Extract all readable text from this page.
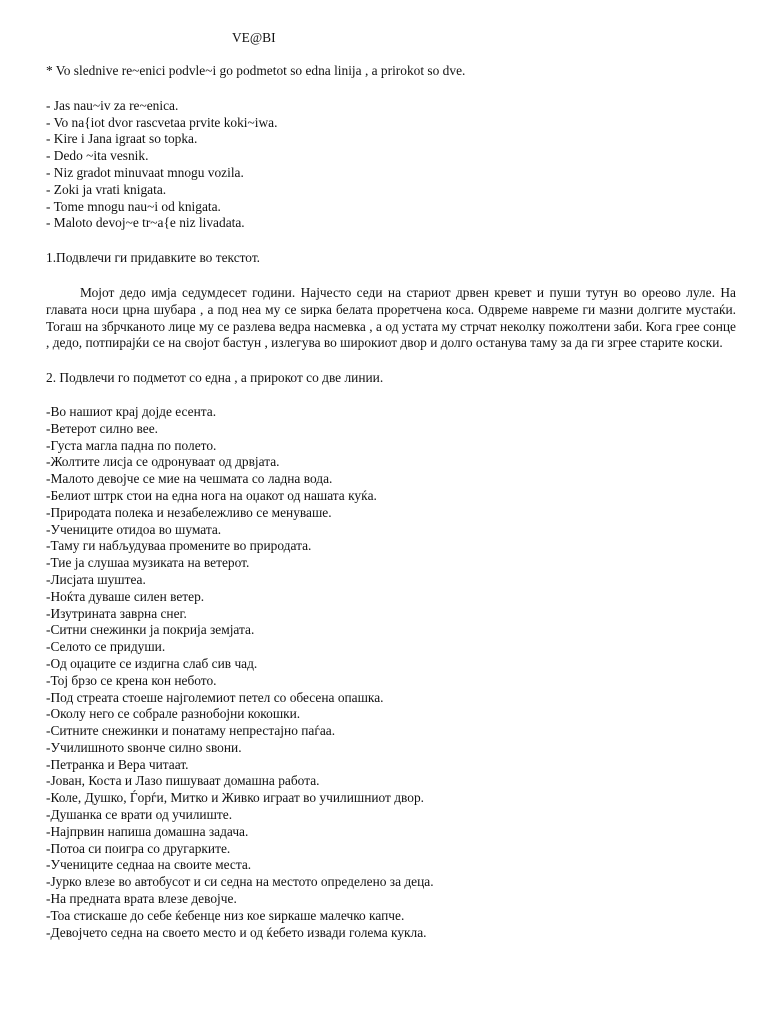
VE@BI

* Vo slednive re~enici podvle~i go podmetot so edna linija , a prirokot so dve.

- Jas nau~iv za re~enica.
- Vo na{iot dvor rascvetaa prvite koki~iwa.
- Kire i Jana igraat so topka.
- Dedo ~ita vesnik.
- Niz gradot minuvaat mnogu vozila.
- Zoki ja vrati knigata.
- Tome mnogu nau~i od knigata.
- Maloto devoj~e tr~a{e niz livadata.

1.Подвлечи ги придавките во текстот.

Мојот дедо имја седумдесет години. Најчесто седи на стариот дрвен кревет и пуши тутун во ореово луле. На главата носи црна шубара , а под неа му се ѕирка белата проретчена коса. Одвреме навреме ги мазни долгите мустаќи. Тогаш на збрчканото лице му се разлева ведра насмевка , а од устата му стрчат неколку пожолтени заби. Кога грее сонце , дедо, потпирајќи се на својот бастун , излегува во широкиот двор и долго останува таму за да ги згрее старите коски.

2. Подвлечи го подметот со една , а прирокот со две линии.

-Во нашиот крај дојде есента.
-Ветерот силно вее.
-Густа магла падна по полето.
-Жолтите лисја се одронуваат од дрвјата.
-Малото девојче се мие на чешмата со ладна вода.
-Белиот штрк стои на една нога на оџакот од нашата куќа.
-Природата полека и незабележливо се менуваше.
-Учениците отидоа во шумата.
-Таму ги набљудуваа промените во природата.
-Тие ја слушаа музиката на ветерот.
-Лисјата шуштеа.
-Ноќта дуваше силен ветер.
-Изутрината заврна снег.
-Ситни снежинки ја покрија земјата.
-Селото се придуши.
-Од оџаците се издигна слаб сив чад.
-Тој брзо се крена кон небото.
-Под стреата стоеше најголемиот петел со обесена опашка.
-Околу него се собрале разнобојни кокошки.
-Ситните снежинки и понатаму непрестајно паѓаа.
-Училишното ѕвонче силно ѕвони.
-Петранка и Вера читаат.
-Јован, Коста и Лазо пишуваат домашна работа.
-Коле, Душко, Ѓорѓи, Митко и Живко играат во училишниот двор.
-Душанка се врати од училиште.
-Најпрвин напиша домашна задача.
-Потоа си поигра со другарките.
-Учениците седнаа на своите места.
-Јурко влезе во автобусот и си седна на местото определено за деца.
-На предната врата влезе девојче.
-Тоа стискаше до себе ќебенце низ кое ѕиркаше малечко капче.
-Девојчето седна на своето место и од ќебето извади голема кукла.
